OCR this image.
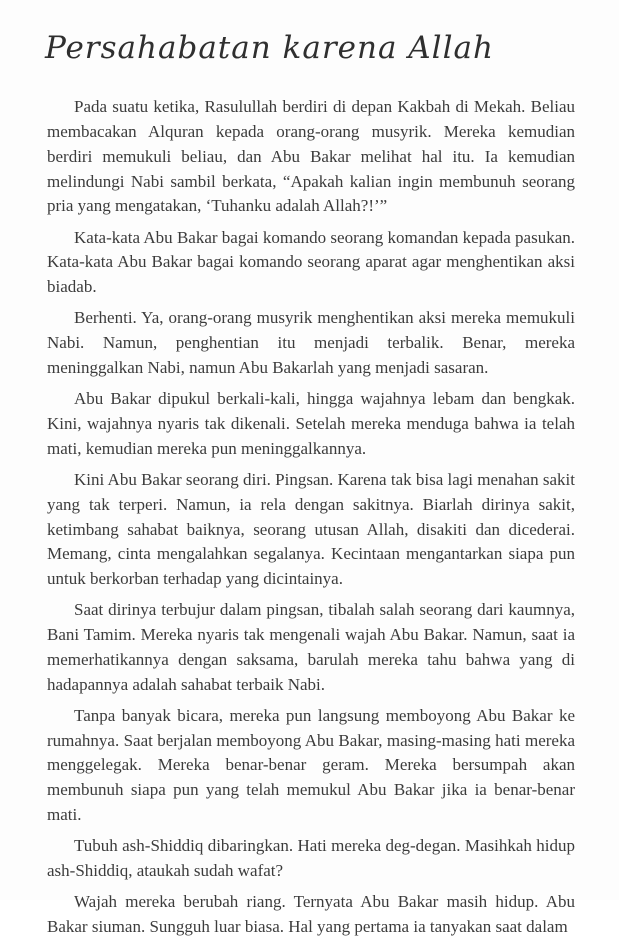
Persahabatan karena Allah

Pada suatu ketika, Rasulullah berdiri di depan Kakbah di Mekah. Beliau membacakan Alquran kepada orang-orang musyrik. Mereka kemudian berdiri memukuli beliau, dan Abu Bakar melihat hal itu. Ia kemudian melindungi Nabi sambil berkata, “Apakah kalian ingin membunuh seorang pria yang mengatakan, ‘Tuhanku adalah Allah?!’”

Kata-kata Abu Bakar bagai komando seorang komandan kepada pasukan. Kata-kata Abu Bakar bagai komando seorang aparat agar menghentikan aksi biadab.

Berhenti. Ya, orang-orang musyrik menghentikan aksi mereka memukuli Nabi. Namun, penghentian itu menjadi terbalik. Benar, mereka meninggalkan Nabi, namun Abu Bakarlah yang menjadi sasaran.

Abu Bakar dipukul berkali-kali, hingga wajahnya lebam dan bengkak. Kini, wajahnya nyaris tak dikenali. Setelah mereka menduga bahwa ia telah mati, kemudian mereka pun meninggalkannya.

Kini Abu Bakar seorang diri. Pingsan. Karena tak bisa lagi menahan sakit yang tak terperi. Namun, ia rela dengan sakitnya. Biarlah dirinya sakit, ketimbang sahabat baiknya, seorang utusan Allah, disakiti dan dicederai. Memang, cinta mengalahkan segalanya. Kecintaan mengantarkan siapa pun untuk berkorban terhadap yang dicintainya.

Saat dirinya terbujur dalam pingsan, tibalah salah seorang dari kaumnya, Bani Tamim. Mereka nyaris tak mengenali wajah Abu Bakar. Namun, saat ia memerhatikannya dengan saksama, barulah mereka tahu bahwa yang di hadapannya adalah sahabat terbaik Nabi.

Tanpa banyak bicara, mereka pun langsung memboyong Abu Bakar ke rumahnya. Saat berjalan memboyong Abu Bakar, masing-masing hati mereka menggelegak. Mereka benar-benar geram. Mereka bersumpah akan membunuh siapa pun yang telah memukul Abu Bakar jika ia benar-benar mati.

Tubuh ash-Shiddiq dibaringkan. Hati mereka deg-degan. Masihkah hidup ash-Shiddiq, ataukah sudah wafat?

Wajah mereka berubah riang. Ternyata Abu Bakar masih hidup. Abu Bakar siuman. Sungguh luar biasa. Hal yang pertama ia tanyakan saat dalam
